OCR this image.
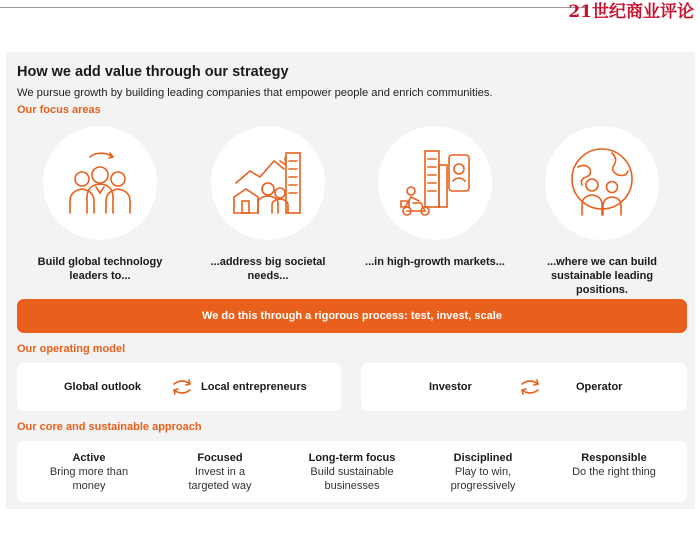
21世纪商业评论
How we add value through our strategy
We pursue growth by building leading companies that empower people and enrich communities.
Our focus areas
Build global technology leaders to...
...address big societal needs...
...in high-growth markets...	...where we can build sustainable leading positions.
We do this through a rigorous process: test, invest, scale
Our operating model
Global outlook	Local entrepreneurs	Investor	Operator
Our core and sustainable approach
Active
Bring more than
money
Focused
Invest in a
targeted way
Long-term focus
Build sustainable
businesses
Disciplined
Play to win,
progressively
Responsible
Do the right thing
